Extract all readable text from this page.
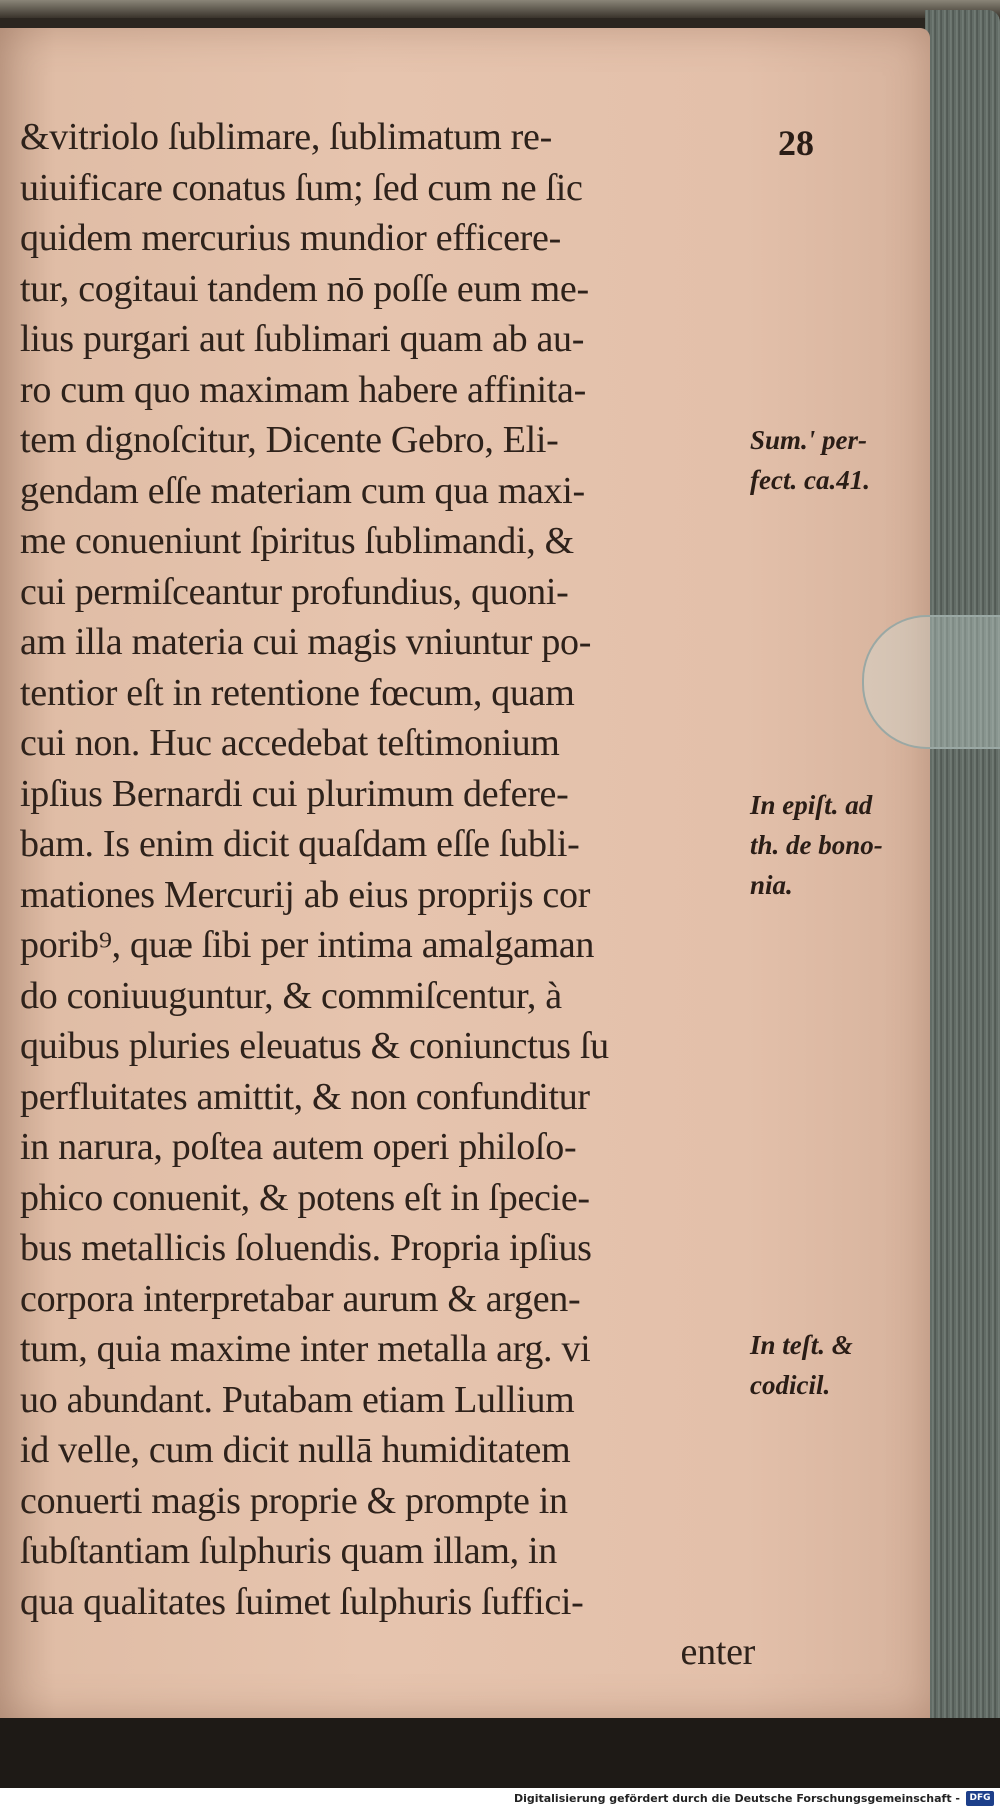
28
&vitriolo ſublimare, ſublimatum re-
uiuificare conatus ſum; ſed cum ne ſic
quidem mercurius mundior efficere-
tur, cogitaui tandem nō poſſe eum me-
lius purgari aut ſublimari quam ab au-
ro cum quo maximam habere affinita-
tem dignoſcitur, Dicente Gebro, Eli-
gendam eſſe materiam cum qua maxi-
me conueniunt ſpiritus ſublimandi, &
cui permiſceantur profundius, quoni-
am illa materia cui magis vniuntur po-
tentior eſt in retentione fœcum, quam
cui non. Huc accedebat teſtimonium
ipſius Bernardi cui plurimum defere-
bam. Is enim dicit quaſdam eſſe ſubli-
mationes Mercurij ab eius proprijs cor
porib⁹, quæ ſibi per intima amalgaman
do coniuuguntur, & commiſcentur, à
quibus pluries eleuatus & coniunctus ſu
perfluitates amittit, & non confunditur
in narura, poſtea autem operi philoſo-
phico conuenit, & potens eſt in ſpecie-
bus metallicis ſoluendis. Propria ipſius
corpora interpretabar aurum & argen-
tum, quia maxime inter metalla arg. vi
uo abundant. Putabam etiam Lullium
id velle, cum dicit nullā humiditatem
conuerti magis proprie & prompte in
ſubſtantiam ſulphuris quam illam, in
qua qualitates ſuimet ſulphuris ſuffici-
enter
Sum.' per-
fect. ca.41.
In epiſt. ad
th. de bono-
nia.
In teſt. &
codicil.
Digitalisierung gefördert durch die Deutsche Forschungsgemeinschaft -	DFG
